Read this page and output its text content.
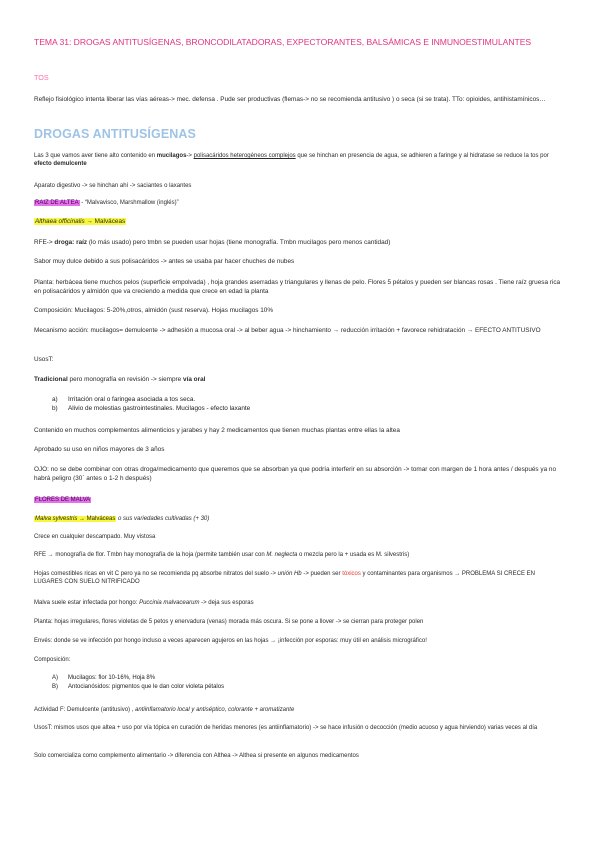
TEMA 31: DROGAS ANTITUSÍGENAS, BRONCODILATADORAS, EXPECTORANTES, BALSÁMICAS E INMUNOESTIMULANTES

TOS

Reflejo fisiológico intenta liberar las vías aéreas-> mec. defensa . Pude ser productivas (flemas-> no se recomienda antitusivo ) o seca (si se trata). TTo: opioides, antihistamínicos…

DROGAS ANTITUSÍGENAS

Las 3 que vamos aver tiene alto contenido en mucilagos-> polisacáridos heterogéneos complejos que se hinchan en presencia de agua, se adhieren a faringe y al hidratase se reduce la tos por efecto demulcente

Aparato digestivo -> se hinchan ahí -> saciantes o laxantes

RAIZ DE ALTEA - “Malvavisco, Marshmallow (inglés)”

Althaea officinalis → Malváceas

RFE-> droga: raíz (lo más usado) pero tmbn se pueden usar hojas (tiene monografía. Tmbn mucilagos pero menos cantidad)

Sabor muy dulce debido a sus polisacáridos -> antes se usaba par hacer chuches de nubes

Planta: herbácea tiene muchos pelos (superficie empolvada) , hoja grandes aserradas y triangulares y llenas de pelo. Flores 5 pétalos y pueden ser blancas rosas . Tiene raíz gruesa rica en polisacáridos y almidón que va creciendo a medida que crece en edad la planta

Composición: Mucilagos: 5-20%,otros, almidón (sust reserva). Hojas mucilagos 10%

Mecanismo acción: mucilagos= demulcente -> adhesión a mucosa oral -> al beber agua -> hinchamiento → reducción irritación + favorece rehidratación → EFECTO ANTITUSIVO

UsosT:

Tradicional pero monografía en revisión -> siempre vía oral

a) Irritación oral o faringea asociada a tos seca.
b) Alivio de molestias gastrointestinales. Mucilagos - efecto laxante

Contenido en muchos complementos alimenticios y jarabes y hay 2 medicamentos que tienen muchas plantas entre ellas la altea

Aprobado su uso en niños mayores de 3 años

OJO: no se debe combinar con otras droga/medicamento que queremos que se absorban ya que podría interferir en su absorción -> tomar con margen de 1 hora antes / después ya no habrá peligro (30´ antes o 1-2 h después)

FLORES DE MALVA

Malva sylvestris → Malváceas o sus variedades cultivadas (+ 30)

Crece en cualquier descampado. Muy vistosa

RFE → monografía de flor. Tmbn hay monografía de la hoja (permite también usar con M. neglecta o mezcla pero la + usada es M. silvestris)

Hojas comestibles ricas en vit C pero ya no se recomienda pq absorbe nitratos del suelo -> unión Hb -> pueden ser tóxicos y contaminantes para organismos → PROBLEMA SI CRECE EN LUGARES CON SUELO NITRIFICADO

Malva suele estar infectada por hongo: Puccinia malvacearum -> deja sus esporas

Planta: hojas irregulares, flores violetas de 5 petos y enervadura (venas) morada más oscura. Si se pone a llover -> se cierran para proteger polen

Envés: donde se ve infección por hongo incluso a veces aparecen agujeros en las hojas → ¡infección por esporas: muy útil en análisis micrográfico!

Composición:

A) Mucilagos: flor 10-16%, Hoja 8%
B) Antocianósidos: pigmentos que le dan color violeta pétalos

Actividad F: Demulcente (antitusivo) , antiinflamatorio local y antiséptico, colorante + aromatizante

UsosT: mismos usos que altea + uso por vía tópica en curación de heridas menores (es antiinflamatorio) -> se hace infusión o decocción (medio acuoso y agua hirviendo) varias veces al día

Solo comercializa como complemento alimentario -> diferencia con Althea -> Althea si presente en algunos medicamentos
